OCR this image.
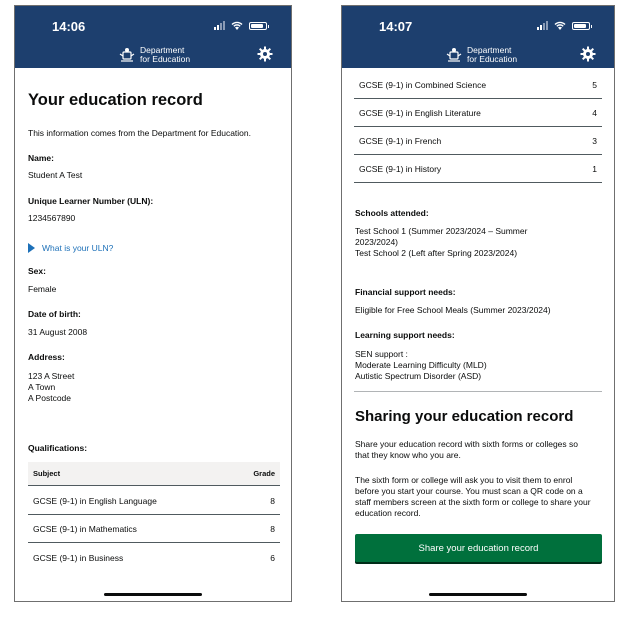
14:06
Department
for Education
Your education record
This information comes from the Department for Education.
Name:
Student A Test
Unique Learner Number (ULN):
1234567890
What is your ULN?
Sex:
Female
Date of birth:
31 August 2008
Address:
123 A Street
A Town
A Postcode
Qualifications:
Subject	Grade
GCSE (9-1) in English Language	8
GCSE (9-1) in Mathematics	8
GCSE (9-1) in Business	6
14:07
Department
for Education
GCSE (9-1) in Combined Science	5
GCSE (9-1) in English Literature	4
GCSE (9-1) in French	3
GCSE (9-1) in History	1
Schools attended:
Test School 1 (Summer 2023/2024 – Summer
2023/2024)
Test School 2 (Left after Spring 2023/2024)
Financial support needs:
Eligible for Free School Meals (Summer 2023/2024)
Learning support needs:
SEN support :
Moderate Learning Difficulty (MLD)
Autistic Spectrum Disorder (ASD)
Sharing your education record
Share your education record with sixth forms or colleges so
that they know who you are.
The sixth form or college will ask you to visit them to enrol
before you start your course. You must scan a QR code on a
staff members screen at the sixth form or college to share your
education record.
Share your education record
